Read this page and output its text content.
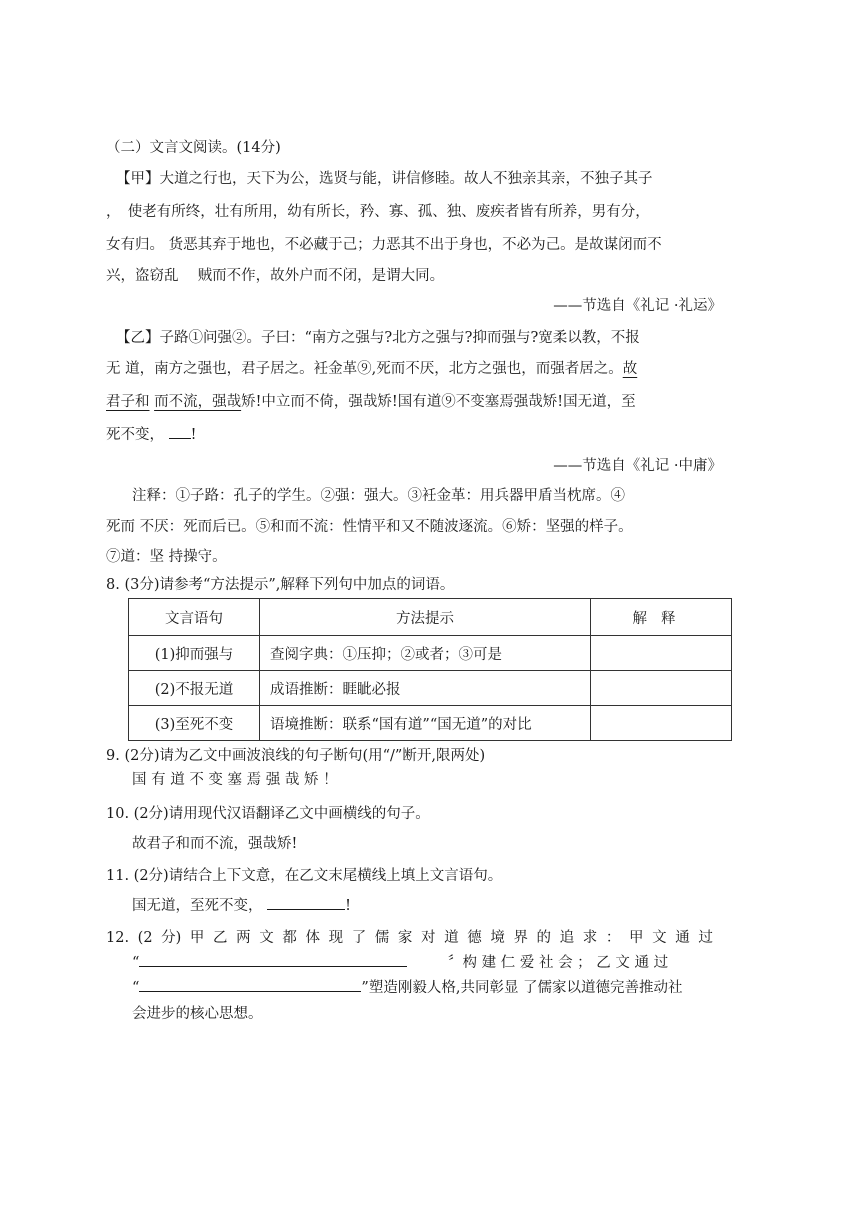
（二）文言文阅读。(14分)
【甲】大道之行也，天下为公，选贤与能，讲信修睦。故人不独亲其亲，不独子其子
，　使老有所终，壮有所用，幼有所长，矜、寡、孤、独、废疾者皆有所养，男有分，
女有归。 货恶其弃于地也，不必藏于己；力恶其不出于身也，不必为己。是故谋闭而不
兴，盗窃乱　 贼而不作，故外户而不闭，是谓大同。
——节选自《礼记 ·礼运》
【乙】子路①问强②。子曰：“南方之强与?北方之强与?抑而强与?宽柔以教，不报
无 道，南方之强也，君子居之。衽金革⑨,死而不厌，北方之强也，而强者居之。故
君子和 而不流，强哉矫!中立而不倚，强哉矫!国有道⑨不变塞焉强哉矫!国无道，至
死不变， !
——节选自《礼记 ·中庸》
注释：①子路：孔子的学生。②强：强大。③衽金革：用兵器甲盾当枕席。④
死而 不厌：死而后已。⑤和而不流：性情平和又不随波逐流。⑥矫：坚强的样子。
⑦道：坚 持操守。
8. (3分)请参考“方法提示”,解释下列句中加点的词语。
文言语句	方法提示	解释
(1)抑而强与	查阅字典：①压抑；②或者；③可是	
(2)不报无道	成语推断：睚眦必报	
(3)至死不变	语境推断：联系“国有道”“国无道”的对比	
9. (2分)请为乙文中画波浪线的句子断句(用“/”断开,限两处)
国 有 道 不 变 塞 焉 强 哉 矫 ！
10. (2分)请用现代汉语翻译乙文中画横线的句子。
故君子和而不流，强哉矫!
11. (2分)请结合上下文意，在乙文末尾横线上填上文言语句。
国无道，至死不变，	!
12. (2 分) 甲 乙 两 文 都 体 现 了 儒 家 对 道 德 境 界 的 追 求 ： 甲 文 通 过
“	〞构 建 仁 爱 社 会 ； 乙 文 通 过
“	”塑造刚毅人格,共同彰显 了儒家以道德完善推动社
会进步的核心思想。
